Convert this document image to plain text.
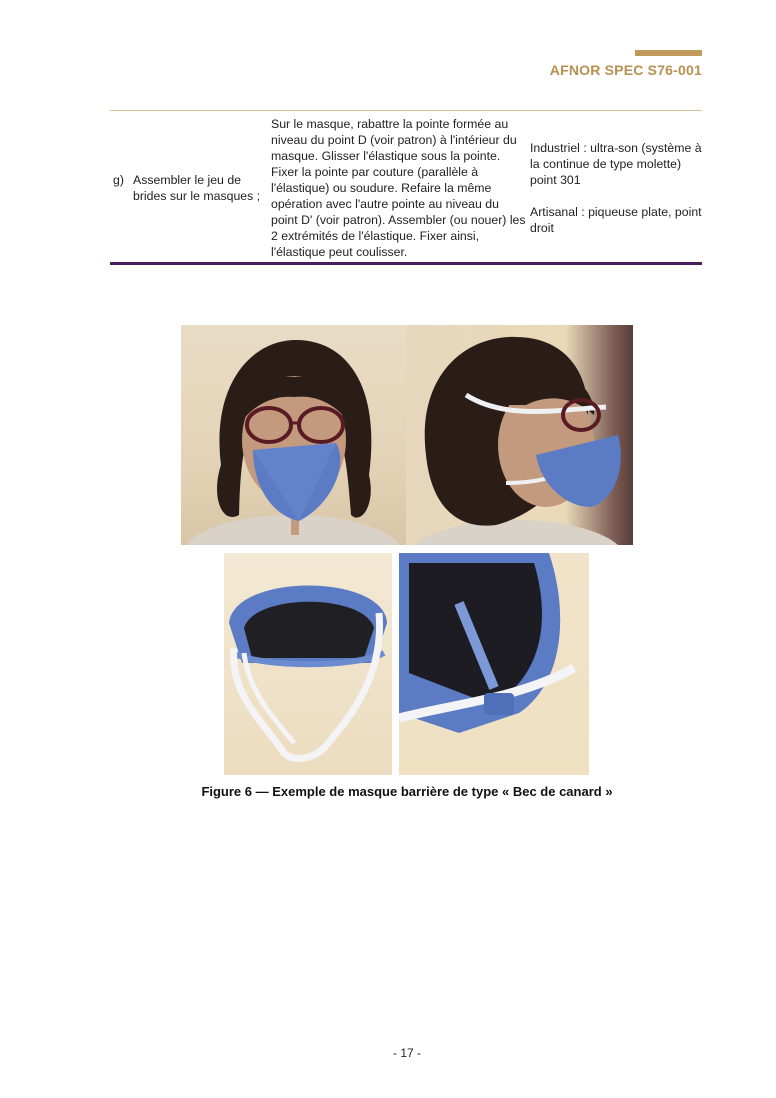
AFNOR SPEC S76-001
g) Assembler le jeu de brides sur le masques ;
Sur le masque, rabattre la pointe formée au niveau du point D (voir patron) à l'intérieur du masque. Glisser l'élastique sous la pointe. Fixer la pointe par couture (parallèle à l'élastique) ou soudure. Refaire la même opération avec l'autre pointe au niveau du point D' (voir patron). Assembler (ou nouer) les 2 extrémités de l'élastique. Fixer ainsi, l'élastique peut coulisser.
Industriel : ultra-son (système à la continue de type molette) point 301
Artisanal : piqueuse plate, point droit
Figure 6 — Exemple de masque barrière de type « Bec de canard »
- 17 -
